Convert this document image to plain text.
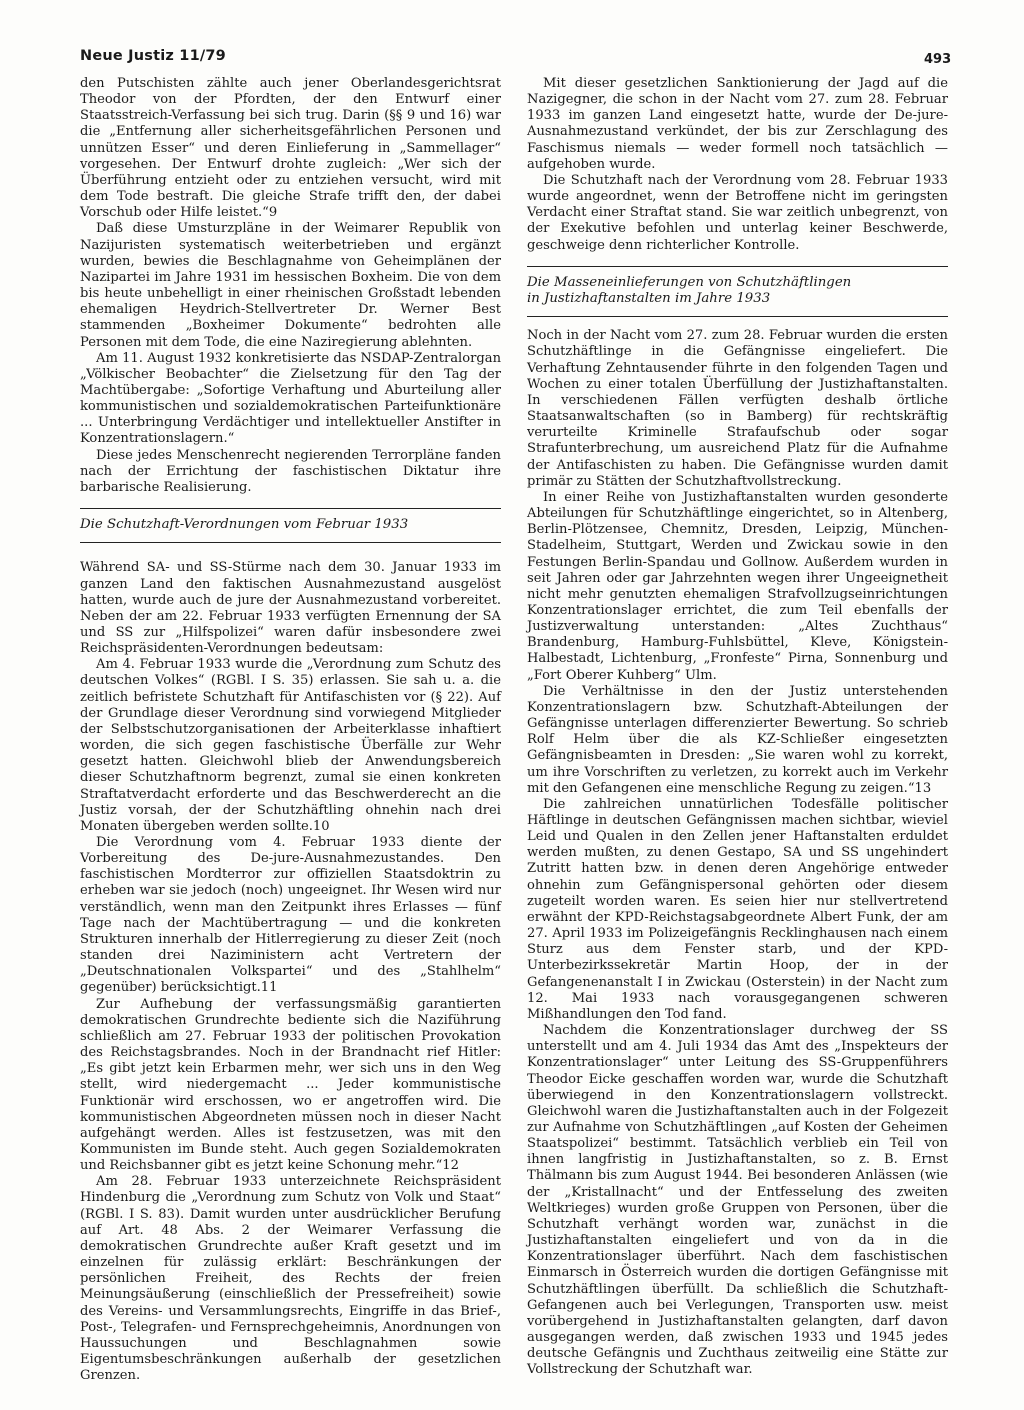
Neue Justiz 11/79	493

den Putschisten zählte auch jener Oberlandesgerichtsrat Theodor von der Pfordten, der den Entwurf einer Staatsstreich-Verfassung bei sich trug. Darin (§§ 9 und 16) war die „Entfernung aller sicherheitsgefährlichen Personen und unnützen Esser“ und deren Einlieferung in „Sammellager“ vorgesehen. Der Entwurf drohte zugleich: „Wer sich der Überführung entzieht oder zu entziehen versucht, wird mit dem Tode bestraft. Die gleiche Strafe trifft den, der dabei Vorschub oder Hilfe leistet.“9

Daß diese Umsturzpläne in der Weimarer Republik von Nazijuristen systematisch weiterbetrieben und ergänzt wurden, bewies die Beschlagnahme von Geheimplänen der Nazipartei im Jahre 1931 im hessischen Boxheim. Die von dem bis heute unbehelligt in einer rheinischen Großstadt lebenden ehemaligen Heydrich-Stellvertreter Dr. Werner Best stammenden „Boxheimer Dokumente“ bedrohten alle Personen mit dem Tode, die eine Naziregierung ablehnten.

Am 11. August 1932 konkretisierte das NSDAP-Zentralorgan „Völkischer Beobachter“ die Zielsetzung für den Tag der Machtübergabe: „Sofortige Verhaftung und Aburteilung aller kommunistischen und sozialdemokratischen Parteifunktionäre ... Unterbringung Verdächtiger und intellektueller Anstifter in Konzentrationslagern.“

Diese jedes Menschenrecht negierenden Terrorpläne fanden nach der Errichtung der faschistischen Diktatur ihre barbarische Realisierung.

Die Schutzhaft-Verordnungen vom Februar 1933

Während SA- und SS-Stürme nach dem 30. Januar 1933 im ganzen Land den faktischen Ausnahmezustand ausgelöst hatten, wurde auch de jure der Ausnahmezustand vorbereitet. Neben der am 22. Februar 1933 verfügten Ernennung der SA und SS zur „Hilfspolizei“ waren dafür insbesondere zwei Reichspräsidenten-Verordnungen bedeutsam:

Am 4. Februar 1933 wurde die „Verordnung zum Schutz des deutschen Volkes“ (RGBl. I S. 35) erlassen. Sie sah u. a. die zeitlich befristete Schutzhaft für Antifaschisten vor (§ 22). Auf der Grundlage dieser Verordnung sind vorwiegend Mitglieder der Selbstschutzorganisationen der Arbeiterklasse inhaftiert worden, die sich gegen faschistische Überfälle zur Wehr gesetzt hatten. Gleichwohl blieb der Anwendungsbereich dieser Schutzhaftnorm begrenzt, zumal sie einen konkreten Straftatverdacht erforderte und das Beschwerderecht an die Justiz vorsah, der der Schutzhäftling ohnehin nach drei Monaten übergeben werden sollte.10

Die Verordnung vom 4. Februar 1933 diente der Vorbereitung des De-jure-Ausnahmezustandes. Den faschistischen Mordterror zur offiziellen Staatsdoktrin zu erheben war sie jedoch (noch) ungeeignet. Ihr Wesen wird nur verständlich, wenn man den Zeitpunkt ihres Erlasses — fünf Tage nach der Machtübertragung — und die konkreten Strukturen innerhalb der Hitlerregierung zu dieser Zeit (noch standen drei Naziministern acht Vertretern der „Deutschnationalen Volkspartei“ und des „Stahlhelm“ gegenüber) berücksichtigt.11

Zur Aufhebung der verfassungsmäßig garantierten demokratischen Grundrechte bediente sich die Naziführung schließlich am 27. Februar 1933 der politischen Provokation des Reichstagsbrandes. Noch in der Brandnacht rief Hitler: „Es gibt jetzt kein Erbarmen mehr, wer sich uns in den Weg stellt, wird niedergemacht ... Jeder kommunistische Funktionär wird erschossen, wo er angetroffen wird. Die kommunistischen Abgeordneten müssen noch in dieser Nacht aufgehängt werden. Alles ist festzusetzen, was mit den Kommunisten im Bunde steht. Auch gegen Sozialdemokraten und Reichsbanner gibt es jetzt keine Schonung mehr.“12

Am 28. Februar 1933 unterzeichnete Reichspräsident Hindenburg die „Verordnung zum Schutz von Volk und Staat“ (RGBl. I S. 83). Damit wurden unter ausdrücklicher Berufung auf Art. 48 Abs. 2 der Weimarer Verfassung die demokratischen Grundrechte außer Kraft gesetzt und im einzelnen für zulässig erklärt: Beschränkungen der persönlichen Freiheit, des Rechts der freien Meinungsäußerung (einschließlich der Pressefreiheit) sowie des Vereins- und Versammlungsrechts, Eingriffe in das Brief-, Post-, Telegrafen- und Fernsprechgeheimnis, Anordnungen von Haussuchungen und Beschlagnahmen sowie Eigentumsbeschränkungen außerhalb der gesetzlichen Grenzen.

Mit dieser gesetzlichen Sanktionierung der Jagd auf die Nazigegner, die schon in der Nacht vom 27. zum 28. Februar 1933 im ganzen Land eingesetzt hatte, wurde der De-jure-Ausnahmezustand verkündet, der bis zur Zerschlagung des Faschismus niemals — weder formell noch tatsächlich — aufgehoben wurde.

Die Schutzhaft nach der Verordnung vom 28. Februar 1933 wurde angeordnet, wenn der Betroffene nicht im geringsten Verdacht einer Straftat stand. Sie war zeitlich unbegrenzt, von der Exekutive befohlen und unterlag keiner Beschwerde, geschweige denn richterlicher Kontrolle.

Die Masseneinlieferungen von Schutzhäftlingen
in Justizhaftanstalten im Jahre 1933

Noch in der Nacht vom 27. zum 28. Februar wurden die ersten Schutzhäftlinge in die Gefängnisse eingeliefert. Die Verhaftung Zehntausender führte in den folgenden Tagen und Wochen zu einer totalen Überfüllung der Justizhaftanstalten. In verschiedenen Fällen verfügten deshalb örtliche Staatsanwaltschaften (so in Bamberg) für rechtskräftig verurteilte Kriminelle Strafaufschub oder sogar Strafunterbrechung, um ausreichend Platz für die Aufnahme der Antifaschisten zu haben. Die Gefängnisse wurden damit primär zu Stätten der Schutzhaftvollstreckung.

In einer Reihe von Justizhaftanstalten wurden gesonderte Abteilungen für Schutzhäftlinge eingerichtet, so in Altenberg, Berlin-Plötzensee, Chemnitz, Dresden, Leipzig, München-Stadelheim, Stuttgart, Werden und Zwickau sowie in den Festungen Berlin-Spandau und Gollnow. Außerdem wurden in seit Jahren oder gar Jahrzehnten wegen ihrer Ungeeignetheit nicht mehr genutzten ehemaligen Strafvollzugseinrichtungen Konzentrationslager errichtet, die zum Teil ebenfalls der Justizverwaltung unterstanden: „Altes Zuchthaus“ Brandenburg, Hamburg-Fuhlsbüttel, Kleve, Königstein-Halbestadt, Lichtenburg, „Fronfeste“ Pirna, Sonnenburg und „Fort Oberer Kuhberg“ Ulm.

Die Verhältnisse in den der Justiz unterstehenden Konzentrationslagern bzw. Schutzhaft-Abteilungen der Gefängnisse unterlagen differenzierter Bewertung. So schrieb Rolf Helm über die als KZ-Schließer eingesetzten Gefängnisbeamten in Dresden: „Sie waren wohl zu korrekt, um ihre Vorschriften zu verletzen, zu korrekt auch im Verkehr mit den Gefangenen eine menschliche Regung zu zeigen.“13

Die zahlreichen unnatürlichen Todesfälle politischer Häftlinge in deutschen Gefängnissen machen sichtbar, wieviel Leid und Qualen in den Zellen jener Haftanstalten erduldet werden mußten, zu denen Gestapo, SA und SS ungehindert Zutritt hatten bzw. in denen deren Angehörige entweder ohnehin zum Gefängnispersonal gehörten oder diesem zugeteilt worden waren. Es seien hier nur stellvertretend erwähnt der KPD-Reichstagsabgeordnete Albert Funk, der am 27. April 1933 im Polizeigefängnis Recklinghausen nach einem Sturz aus dem Fenster starb, und der KPD-Unterbezirkssekretär Martin Hoop, der in der Gefangenenanstalt I in Zwickau (Osterstein) in der Nacht zum 12. Mai 1933 nach vorausgegangenen schweren Mißhandlungen den Tod fand.

Nachdem die Konzentrationslager durchweg der SS unterstellt und am 4. Juli 1934 das Amt des „Inspekteurs der Konzentrationslager“ unter Leitung des SS-Gruppenführers Theodor Eicke geschaffen worden war, wurde die Schutzhaft überwiegend in den Konzentrationslagern vollstreckt. Gleichwohl waren die Justizhaftanstalten auch in der Folgezeit zur Aufnahme von Schutzhäftlingen „auf Kosten der Geheimen Staatspolizei“ bestimmt. Tatsächlich verblieb ein Teil von ihnen langfristig in Justizhaftanstalten, so z. B. Ernst Thälmann bis zum August 1944. Bei besonderen Anlässen (wie der „Kristallnacht“ und der Entfesselung des zweiten Weltkrieges) wurden große Gruppen von Personen, über die Schutzhaft verhängt worden war, zunächst in die Justizhaftanstalten eingeliefert und von da in die Konzentrationslager überführt. Nach dem faschistischen Einmarsch in Österreich wurden die dortigen Gefängnisse mit Schutzhäftlingen überfüllt. Da schließlich die Schutzhaft-Gefangenen auch bei Verlegungen, Transporten usw. meist vorübergehend in Justizhaftanstalten gelangten, darf davon ausgegangen werden, daß zwischen 1933 und 1945 jedes deutsche Gefängnis und Zuchthaus zeitweilig eine Stätte zur Vollstreckung der Schutzhaft war.
